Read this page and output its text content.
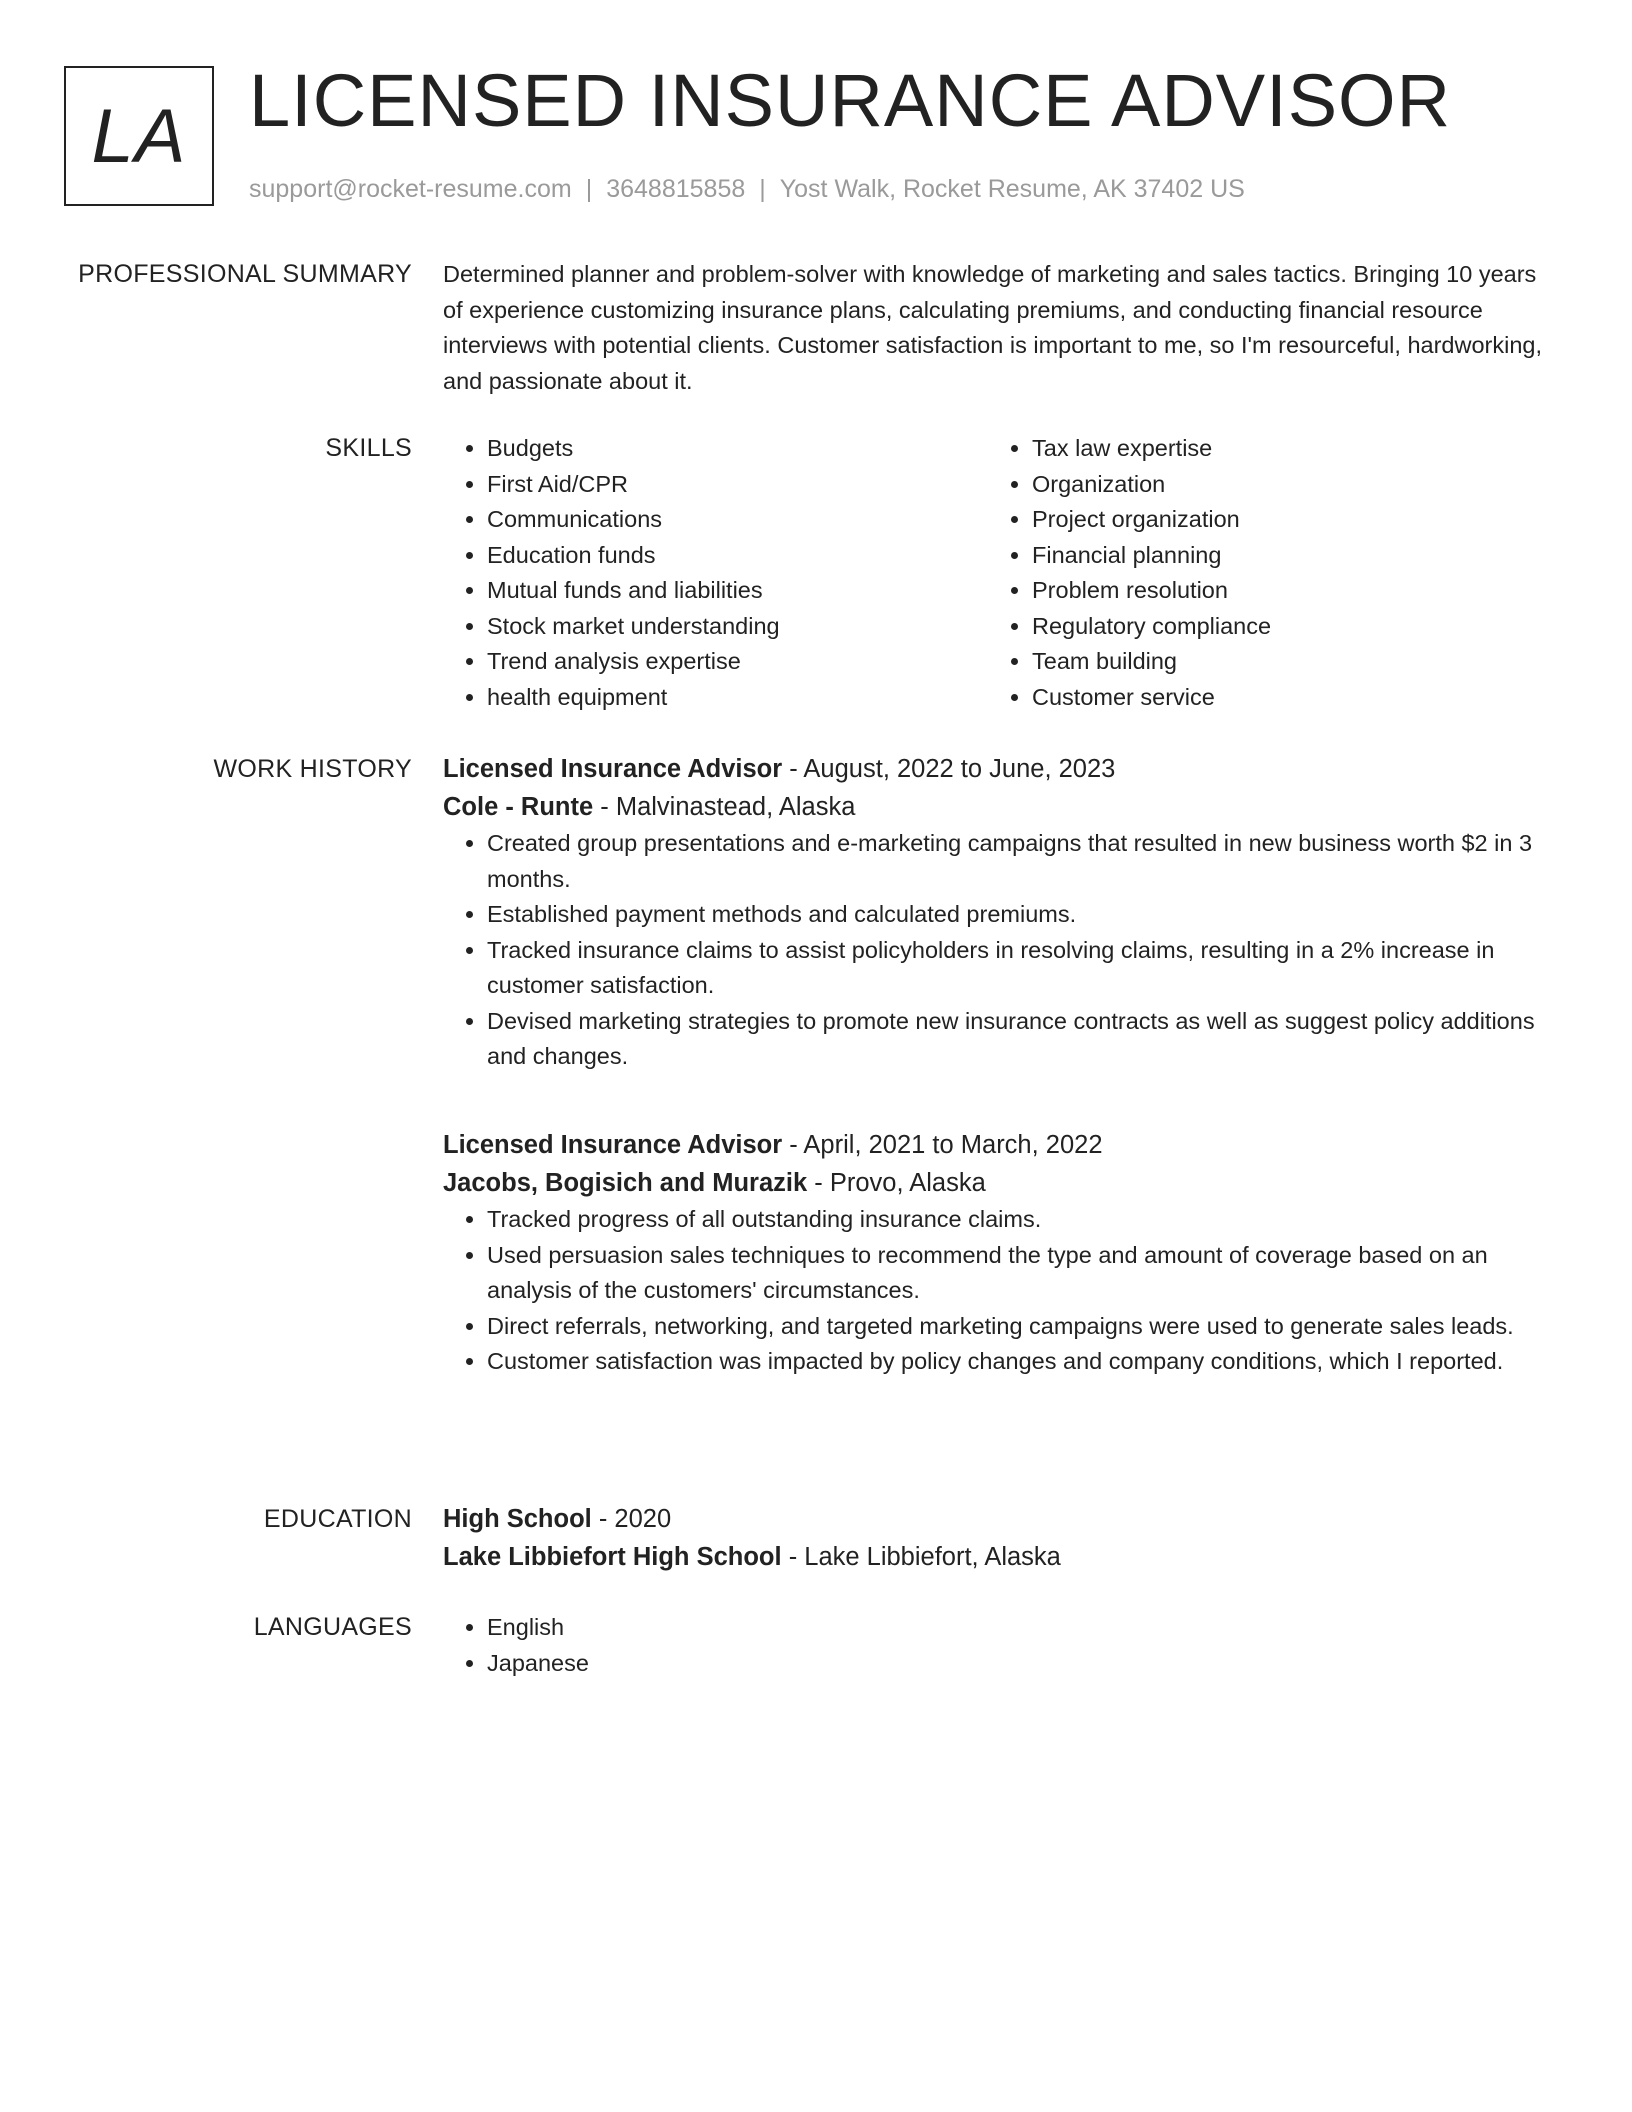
LA LICENSED INSURANCE ADVISOR
support@rocket-resume.com | 3648815858 | Yost Walk, Rocket Resume, AK 37402 US
PROFESSIONAL SUMMARY Determined planner and problem-solver with knowledge of marketing and sales tactics. Bringing 10 years of experience customizing insurance plans, calculating premiums, and conducting financial resource interviews with potential clients. Customer satisfaction is important to me, so I'm resourceful, hardworking, and passionate about it.
SKILLS	• Budgets
• First Aid/CPR
• Communications
• Education funds
• Mutual funds and liabilities
• Stock market understanding
• Trend analysis expertise
• health equipment
• Tax law expertise
• Organization
• Project organization
• Financial planning
• Problem resolution
• Regulatory compliance
• Team building
• Customer service
WORK HISTORY Licensed Insurance Advisor - August, 2022 to June, 2023
Cole - Runte - Malvinastead, Alaska
• Created group presentations and e-marketing campaigns that resulted in new business worth $2 in 3 months.
• Established payment methods and calculated premiums.
• Tracked insurance claims to assist policyholders in resolving claims, resulting in a 2% increase in customer satisfaction.
• Devised marketing strategies to promote new insurance contracts as well as suggest policy additions and changes.
Licensed Insurance Advisor - April, 2021 to March, 2022
Jacobs, Bogisich and Murazik - Provo, Alaska
• Tracked progress of all outstanding insurance claims.
• Used persuasion sales techniques to recommend the type and amount of coverage based on an analysis of the customers' circumstances.
• Direct referrals, networking, and targeted marketing campaigns were used to generate sales leads.
• Customer satisfaction was impacted by policy changes and company conditions, which I reported.
EDUCATION High School - 2020
Lake Libbiefort High School - Lake Libbiefort, Alaska
LANGUAGES	• English
• Japanese
